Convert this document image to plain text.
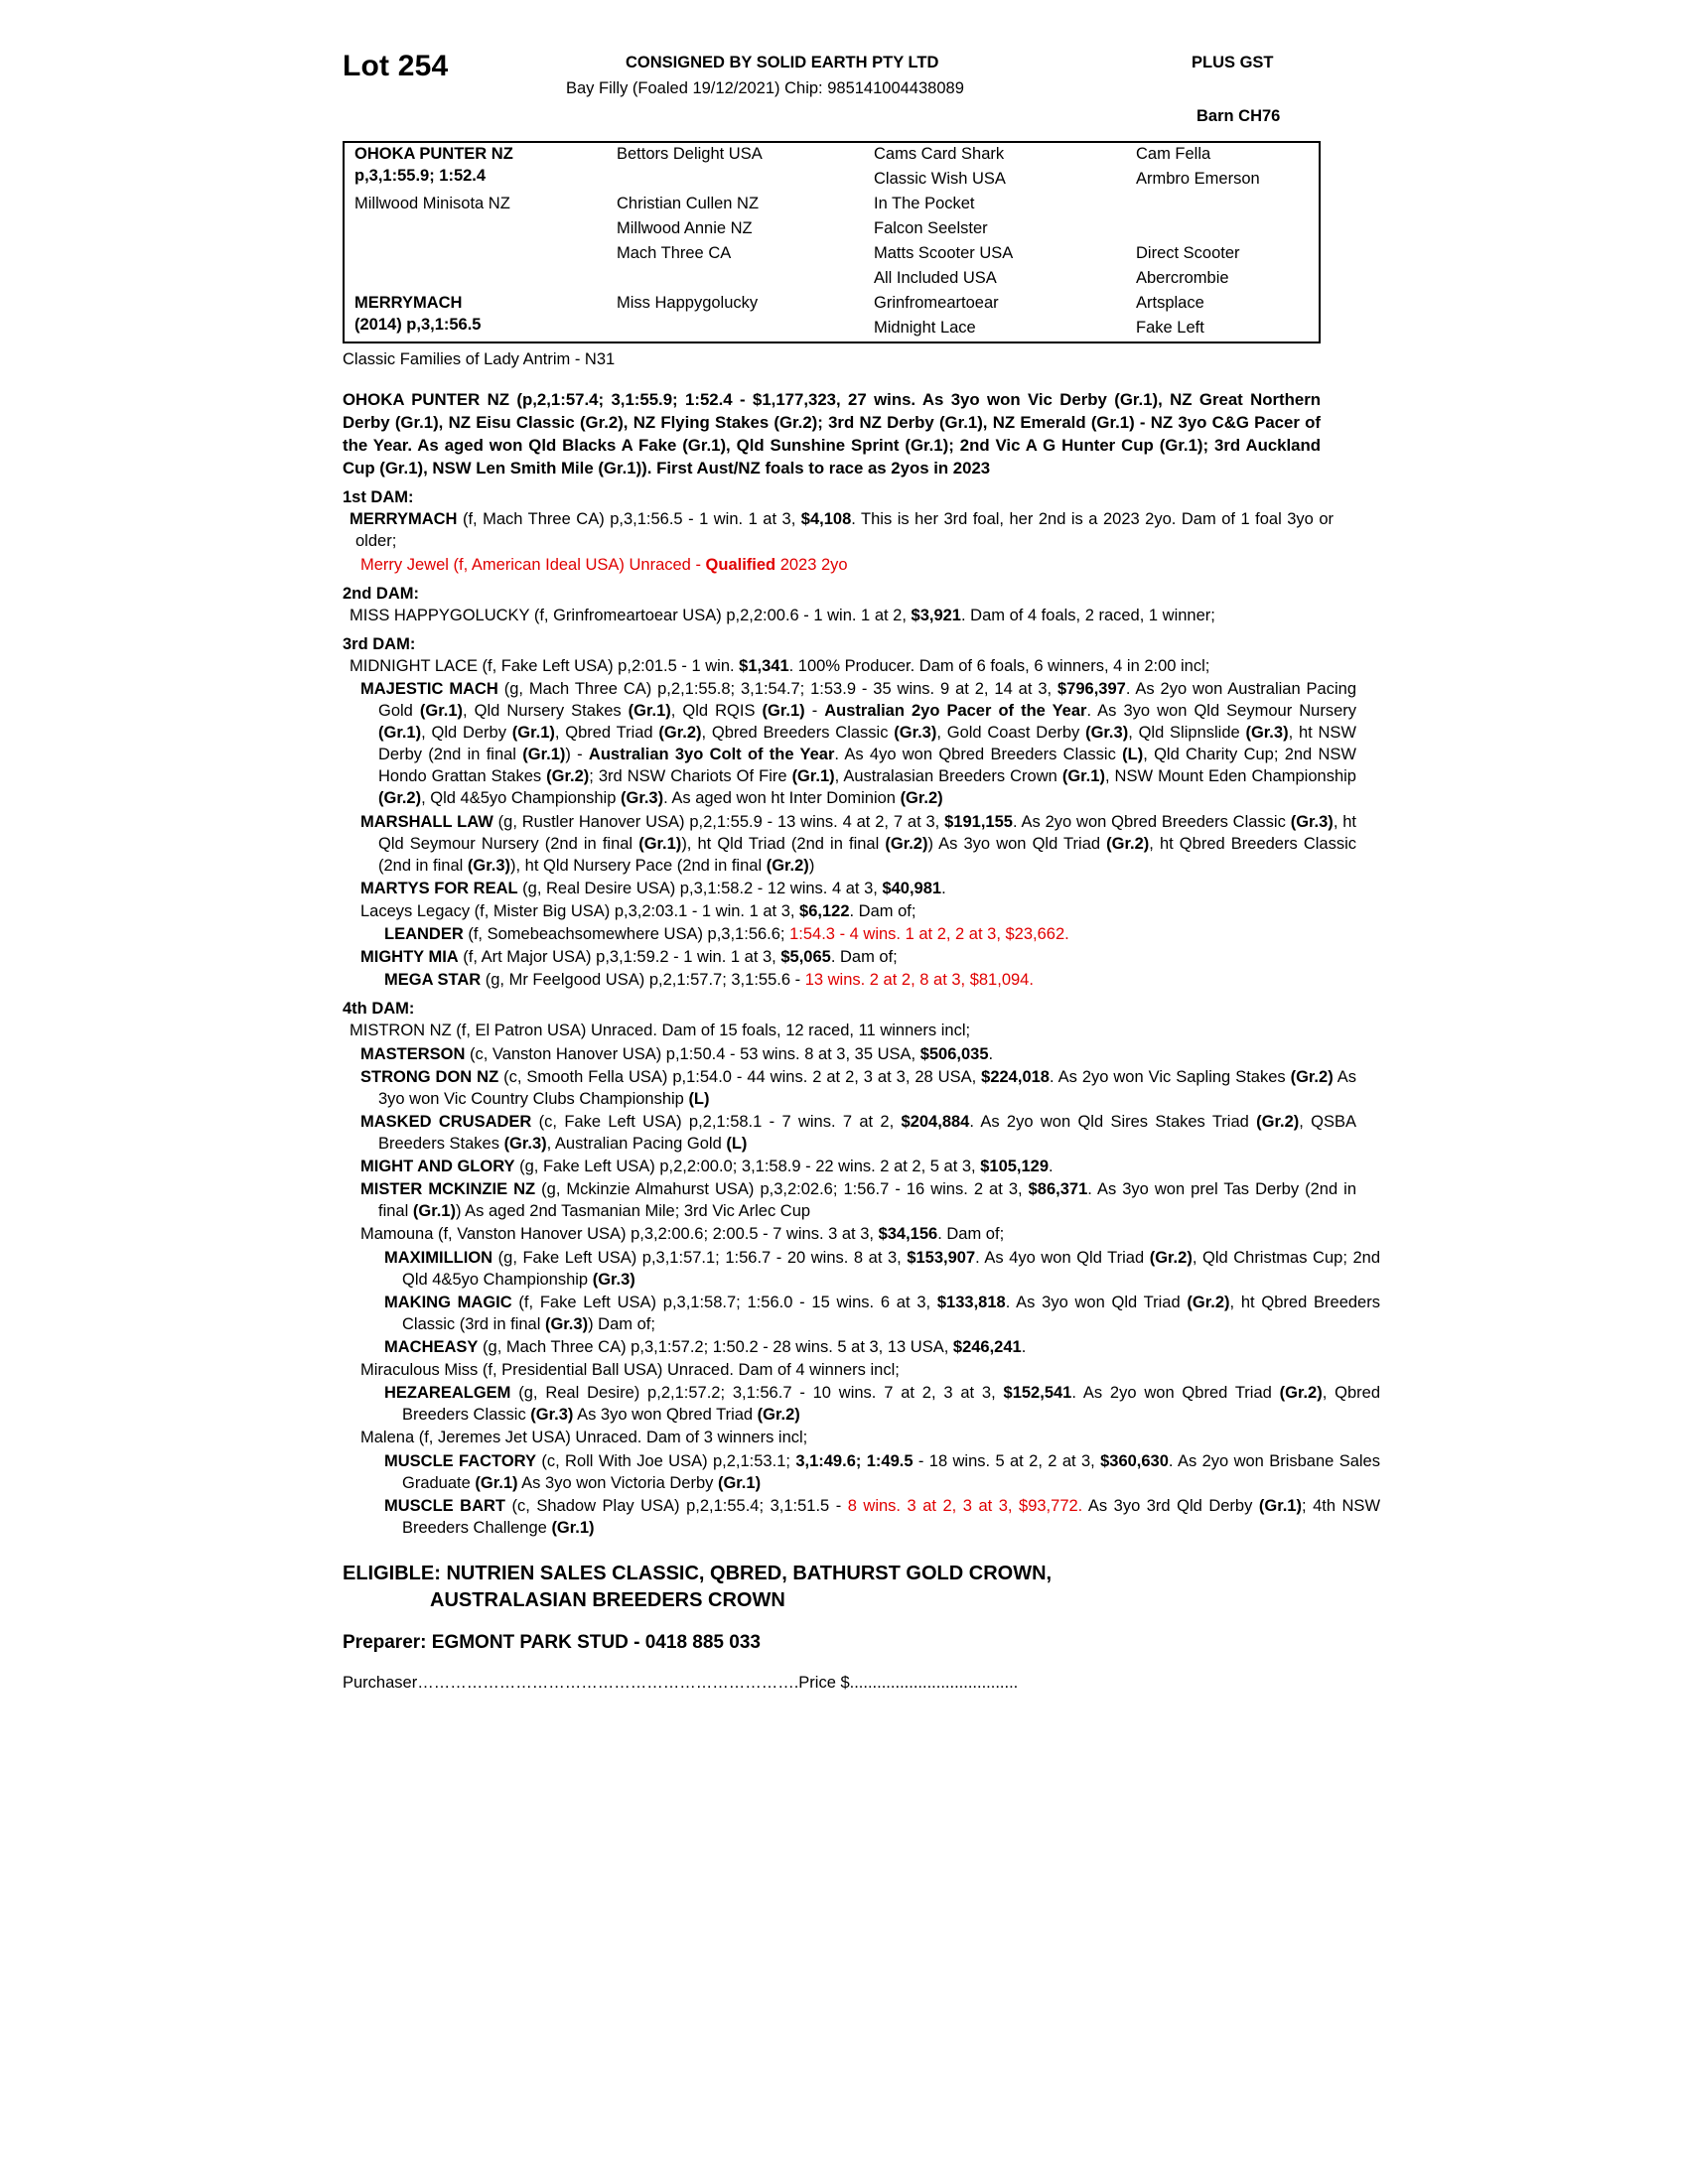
Lot 254	CONSIGNED BY SOLID EARTH PTY LTD
Bay Filly (Foaled 19/12/2021) Chip: 985141004438089
PLUS GST
Barn CH76
OHOKA PUNTER NZ
p,3,1:55.9; 1:52.4	Bettors Delight USA	Cams Card Shark	Cam Fella
		Classic Wish USA	Armbro Emerson
Millwood Minisota NZ	Christian Cullen NZ	In The Pocket	
	Millwood Annie NZ	Falcon Seelster	

	Mach Three CA	Matts Scooter USA	Direct Scooter
		All Included USA	Abercrombie

MERRYMACH
(2014) p,3,1:56.5	Miss Happygolucky	Grinfromeartoear	Artsplace
		Midnight Lace	Fake Left
Classic Families of Lady Antrim - N31
OHOKA PUNTER NZ (p,2,1:57.4; 3,1:55.9; 1:52.4 - $1,177,323, 27 wins. As 3yo won Vic Derby (Gr.1), NZ Great Northern Derby (Gr.1), NZ Eisu Classic (Gr.2), NZ Flying Stakes (Gr.2); 3rd NZ Derby (Gr.1), NZ Emerald (Gr.1) - NZ 3yo C&G Pacer of the Year. As aged won Qld Blacks A Fake (Gr.1), Qld Sunshine Sprint (Gr.1); 2nd Vic A G Hunter Cup (Gr.1); 3rd Auckland Cup (Gr.1), NSW Len Smith Mile (Gr.1)). First Aust/NZ foals to race as 2yos in 2023
1st DAM:
MERRYMACH (f, Mach Three CA) p,3,1:56.5 - 1 win. 1 at 3, $4,108. This is her 3rd foal, her 2nd is a 2023 2yo. Dam of 1 foal 3yo or older;
Merry Jewel (f, American Ideal USA) Unraced - Qualified 2023 2yo
2nd DAM:
MISS HAPPYGOLUCKY (f, Grinfromeartoear USA) p,2,2:00.6 - 1 win. 1 at 2, $3,921. Dam of 4 foals, 2 raced, 1 winner;
3rd DAM:
MIDNIGHT LACE (f, Fake Left USA) p,2:01.5 - 1 win. $1,341. 100% Producer. Dam of 6 foals, 6 winners, 4 in 2:00 incl;
MAJESTIC MACH (g, Mach Three CA) p,2,1:55.8; 3,1:54.7; 1:53.9 - 35 wins. 9 at 2, 14 at 3, $796,397. As 2yo won Australian Pacing Gold (Gr.1), Qld Nursery Stakes (Gr.1), Qld RQIS (Gr.1) - Australian 2yo Pacer of the Year. As 3yo won Qld Seymour Nursery (Gr.1), Qld Derby (Gr.1), Qbred Triad (Gr.2), Qbred Breeders Classic (Gr.3), Gold Coast Derby (Gr.3), Qld Slipnslide (Gr.3), ht NSW Derby (2nd in final (Gr.1)) - Australian 3yo Colt of the Year. As 4yo won Qbred Breeders Classic (L), Qld Charity Cup; 2nd NSW Hondo Grattan Stakes (Gr.2); 3rd NSW Chariots Of Fire (Gr.1), Australasian Breeders Crown (Gr.1), NSW Mount Eden Championship (Gr.2), Qld 4&5yo Championship (Gr.3). As aged won ht Inter Dominion (Gr.2)
MARSHALL LAW (g, Rustler Hanover USA) p,2,1:55.9 - 13 wins. 4 at 2, 7 at 3, $191,155. As 2yo won Qbred Breeders Classic (Gr.3), ht Qld Seymour Nursery (2nd in final (Gr.1)), ht Qld Triad (2nd in final (Gr.2)) As 3yo won Qld Triad (Gr.2), ht Qbred Breeders Classic (2nd in final (Gr.3)), ht Qld Nursery Pace (2nd in final (Gr.2))
MARTYS FOR REAL (g, Real Desire USA) p,3,1:58.2 - 12 wins. 4 at 3, $40,981.
Laceys Legacy (f, Mister Big USA) p,3,2:03.1 - 1 win. 1 at 3, $6,122. Dam of;
LEANDER (f, Somebeachsomewhere USA) p,3,1:56.6; 1:54.3 - 4 wins. 1 at 2, 2 at 3, $23,662.
MIGHTY MIA (f, Art Major USA) p,3,1:59.2 - 1 win. 1 at 3, $5,065. Dam of;
MEGA STAR (g, Mr Feelgood USA) p,2,1:57.7; 3,1:55.6 - 13 wins. 2 at 2, 8 at 3, $81,094.
4th DAM:
MISTRON NZ (f, El Patron USA) Unraced. Dam of 15 foals, 12 raced, 11 winners incl;
MASTERSON (c, Vanston Hanover USA) p,1:50.4 - 53 wins. 8 at 3, 35 USA, $506,035.
STRONG DON NZ (c, Smooth Fella USA) p,1:54.0 - 44 wins. 2 at 2, 3 at 3, 28 USA, $224,018. As 2yo won Vic Sapling Stakes (Gr.2) As 3yo won Vic Country Clubs Championship (L)
MASKED CRUSADER (c, Fake Left USA) p,2,1:58.1 - 7 wins. 7 at 2, $204,884. As 2yo won Qld Sires Stakes Triad (Gr.2), QSBA Breeders Stakes (Gr.3), Australian Pacing Gold (L)
MIGHT AND GLORY (g, Fake Left USA) p,2,2:00.0; 3,1:58.9 - 22 wins. 2 at 2, 5 at 3, $105,129.
MISTER MCKINZIE NZ (g, Mckinzie Almahurst USA) p,3,2:02.6; 1:56.7 - 16 wins. 2 at 3, $86,371. As 3yo won prel Tas Derby (2nd in final (Gr.1)) As aged 2nd Tasmanian Mile; 3rd Vic Arlec Cup
Mamouna (f, Vanston Hanover USA) p,3,2:00.6; 2:00.5 - 7 wins. 3 at 3, $34,156. Dam of;
MAXIMILLION (g, Fake Left USA) p,3,1:57.1; 1:56.7 - 20 wins. 8 at 3, $153,907. As 4yo won Qld Triad (Gr.2), Qld Christmas Cup; 2nd Qld 4&5yo Championship (Gr.3)
MAKING MAGIC (f, Fake Left USA) p,3,1:58.7; 1:56.0 - 15 wins. 6 at 3, $133,818. As 3yo won Qld Triad (Gr.2), ht Qbred Breeders Classic (3rd in final (Gr.3)) Dam of;
MACHEASY (g, Mach Three CA) p,3,1:57.2; 1:50.2 - 28 wins. 5 at 3, 13 USA, $246,241.
Miraculous Miss (f, Presidential Ball USA) Unraced. Dam of 4 winners incl;
HEZAREALGEM (g, Real Desire) p,2,1:57.2; 3,1:56.7 - 10 wins. 7 at 2, 3 at 3, $152,541. As 2yo won Qbred Triad (Gr.2), Qbred Breeders Classic (Gr.3) As 3yo won Qbred Triad (Gr.2)
Malena (f, Jeremes Jet USA) Unraced. Dam of 3 winners incl;
MUSCLE FACTORY (c, Roll With Joe USA) p,2,1:53.1; 3,1:49.6; 1:49.5 - 18 wins. 5 at 2, 2 at 3, $360,630. As 2yo won Brisbane Sales Graduate (Gr.1) As 3yo won Victoria Derby (Gr.1)
MUSCLE BART (c, Shadow Play USA) p,2,1:55.4; 3,1:51.5 - 8 wins. 3 at 2, 3 at 3, $93,772. As 3yo 3rd Qld Derby (Gr.1); 4th NSW Breeders Challenge (Gr.1)
ELIGIBLE: NUTRIEN SALES CLASSIC, QBRED, BATHURST GOLD CROWN,
AUSTRALASIAN BREEDERS CROWN
Preparer: EGMONT PARK STUD - 0418 885 033
Purchaser…………………………………………………………….Price $.....................................
